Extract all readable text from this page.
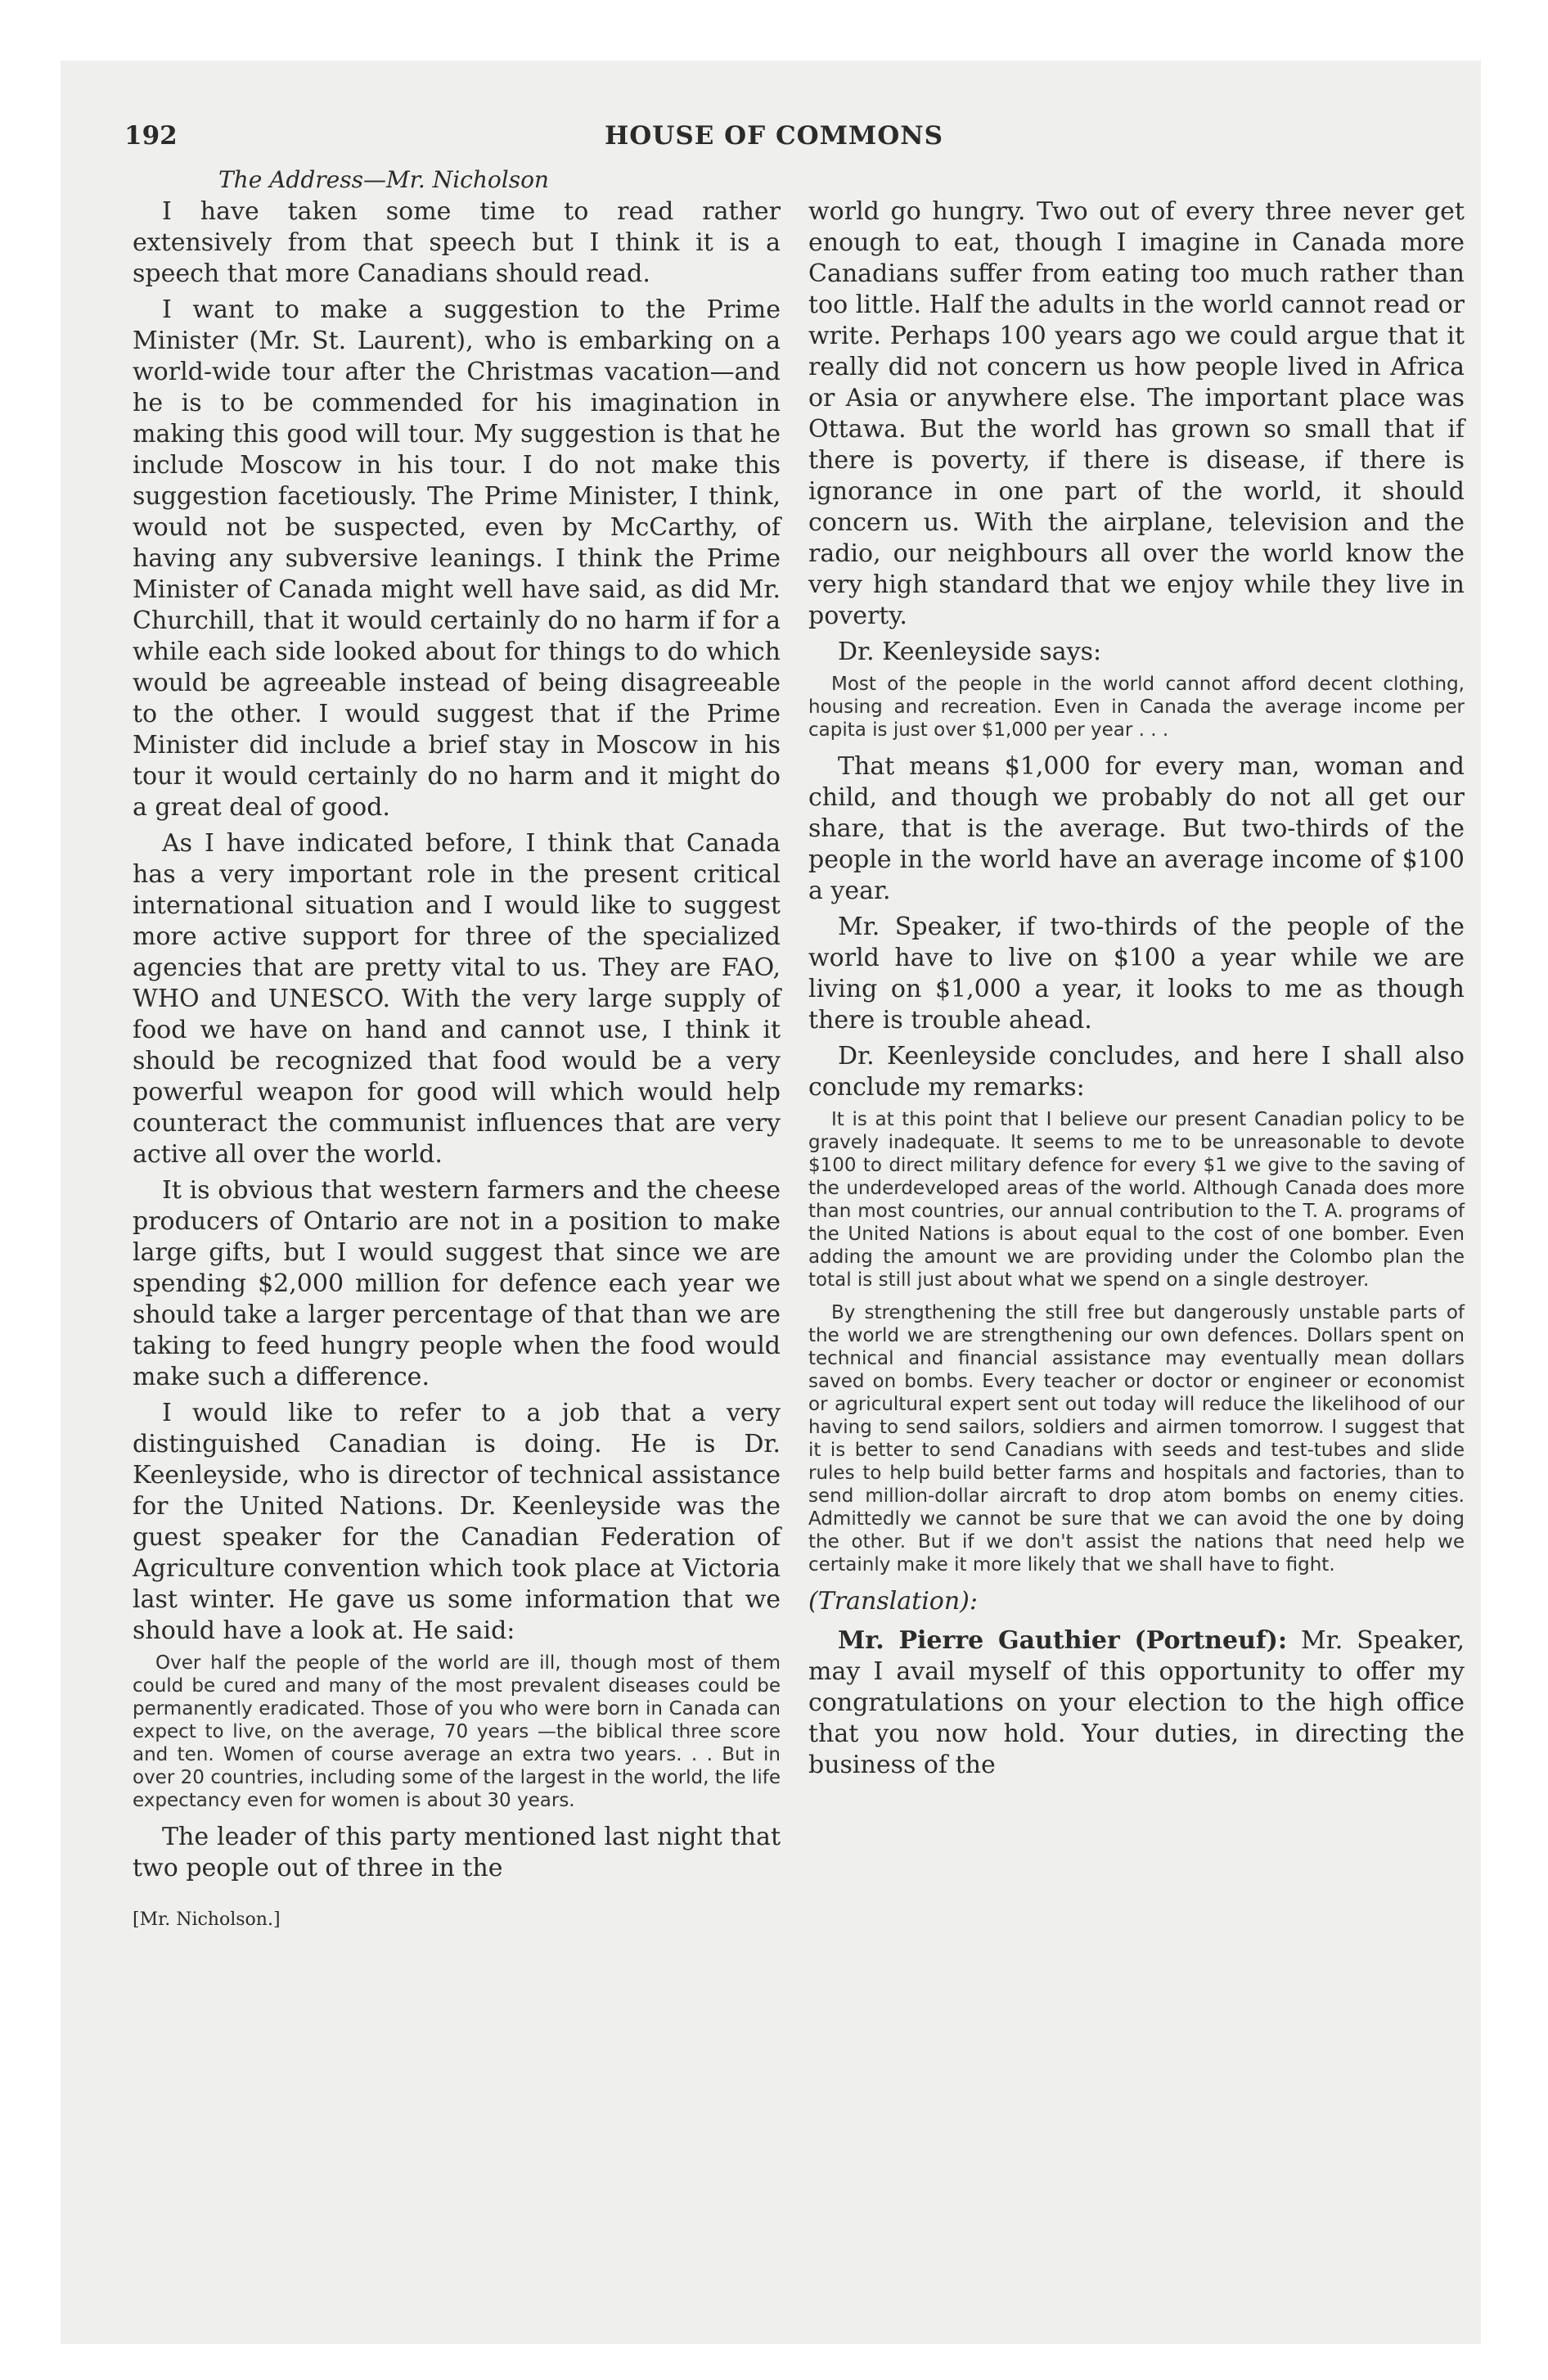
192	HOUSE OF COMMONS
The Address—Mr. Nicholson

I have taken some time to read rather extensively from that speech but I think it is a speech that more Canadians should read.

I want to make a suggestion to the Prime Minister (Mr. St. Laurent), who is embarking on a world-wide tour after the Christmas vacation—and he is to be commended for his imagination in making this good will tour. My suggestion is that he include Moscow in his tour. I do not make this suggestion facetiously. The Prime Minister, I think, would not be suspected, even by McCarthy, of having any subversive leanings. I think the Prime Minister of Canada might well have said, as did Mr. Churchill, that it would certainly do no harm if for a while each side looked about for things to do which would be agreeable instead of being disagreeable to the other. I would suggest that if the Prime Minister did include a brief stay in Moscow in his tour it would certainly do no harm and it might do a great deal of good.

As I have indicated before, I think that Canada has a very important role in the present critical international situation and I would like to suggest more active support for three of the specialized agencies that are pretty vital to us. They are FAO, WHO and UNESCO. With the very large supply of food we have on hand and cannot use, I think it should be recognized that food would be a very powerful weapon for good will which would help counteract the communist influences that are very active all over the world.

It is obvious that western farmers and the cheese producers of Ontario are not in a position to make large gifts, but I would suggest that since we are spending $2,000 million for defence each year we should take a larger percentage of that than we are taking to feed hungry people when the food would make such a difference.

I would like to refer to a job that a very distinguished Canadian is doing. He is Dr. Keenleyside, who is director of technical assistance for the United Nations. Dr. Keenleyside was the guest speaker for the Canadian Federation of Agriculture convention which took place at Victoria last winter. He gave us some information that we should have a look at. He said:

Over half the people of the world are ill, though most of them could be cured and many of the most prevalent diseases could be permanently eradicated. Those of you who were born in Canada can expect to live, on the average, 70 years —the biblical three score and ten. Women of course average an extra two years. . . But in over 20 countries, including some of the largest in the world, the life expectancy even for women is about 30 years.

The leader of this party mentioned last night that two people out of three in the

[Mr. Nicholson.]

world go hungry. Two out of every three never get enough to eat, though I imagine in Canada more Canadians suffer from eating too much rather than too little. Half the adults in the world cannot read or write. Perhaps 100 years ago we could argue that it really did not concern us how people lived in Africa or Asia or anywhere else. The important place was Ottawa. But the world has grown so small that if there is poverty, if there is disease, if there is ignorance in one part of the world, it should concern us. With the airplane, television and the radio, our neighbours all over the world know the very high standard that we enjoy while they live in poverty.

Dr. Keenleyside says:

Most of the people in the world cannot afford decent clothing, housing and recreation. Even in Canada the average income per capita is just over $1,000 per year . . .

That means $1,000 for every man, woman and child, and though we probably do not all get our share, that is the average. But two-thirds of the people in the world have an average income of $100 a year.

Mr. Speaker, if two-thirds of the people of the world have to live on $100 a year while we are living on $1,000 a year, it looks to me as though there is trouble ahead.

Dr. Keenleyside concludes, and here I shall also conclude my remarks:

It is at this point that I believe our present Canadian policy to be gravely inadequate. It seems to me to be unreasonable to devote $100 to direct military defence for every $1 we give to the saving of the underdeveloped areas of the world. Although Canada does more than most countries, our annual contribution to the T. A. programs of the United Nations is about equal to the cost of one bomber. Even adding the amount we are providing under the Colombo plan the total is still just about what we spend on a single destroyer.

By strengthening the still free but dangerously unstable parts of the world we are strengthening our own defences. Dollars spent on technical and financial assistance may eventually mean dollars saved on bombs. Every teacher or doctor or engineer or economist or agricultural expert sent out today will reduce the likelihood of our having to send sailors, soldiers and airmen tomorrow. I suggest that it is better to send Canadians with seeds and test-tubes and slide rules to help build better farms and hospitals and factories, than to send million-dollar aircraft to drop atom bombs on enemy cities. Admittedly we cannot be sure that we can avoid the one by doing the other. But if we don't assist the nations that need help we certainly make it more likely that we shall have to fight.

(Translation):

Mr. Pierre Gauthier (Portneuf): Mr. Speaker, may I avail myself of this opportunity to offer my congratulations on your election to the high office that you now hold. Your duties, in directing the business of the
